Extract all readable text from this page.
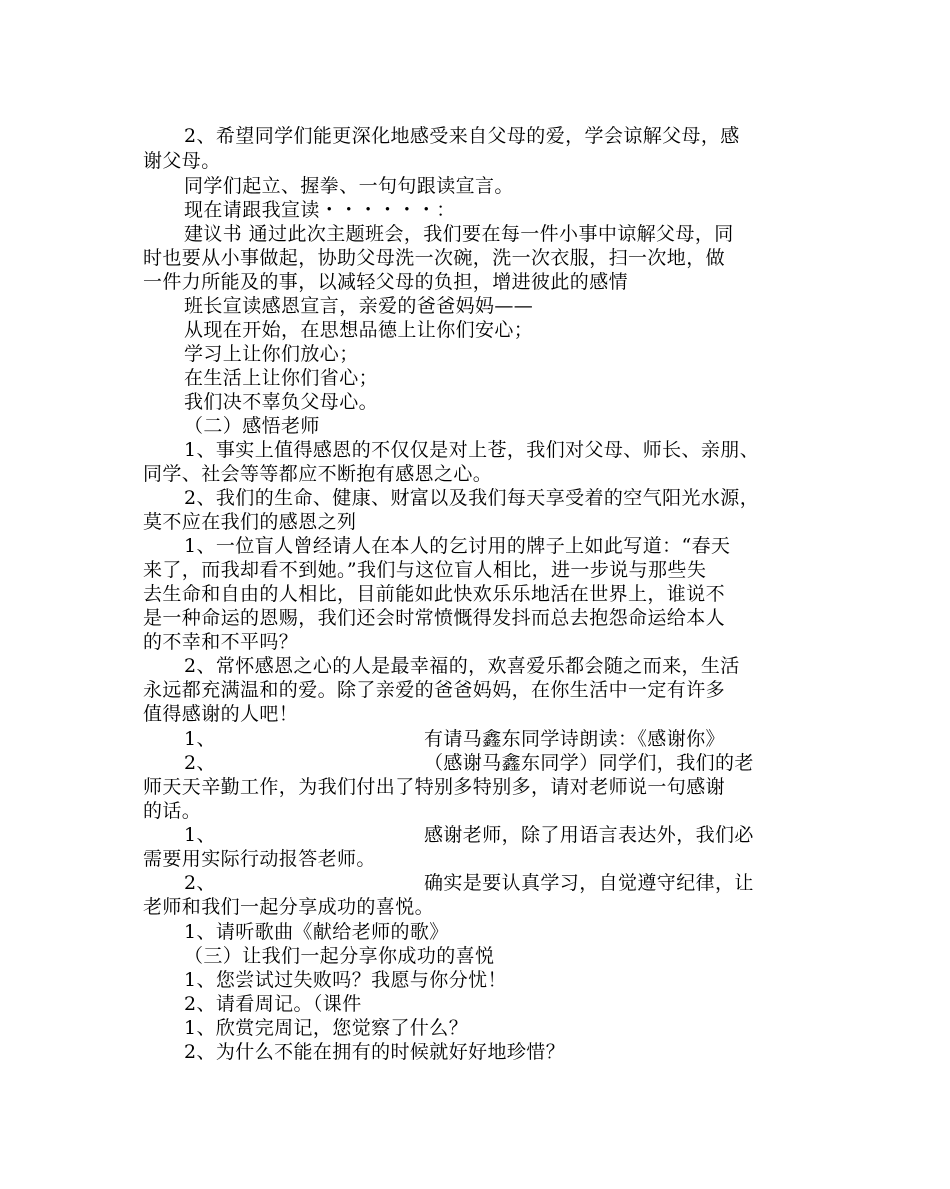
2、希望同学们能更深化地感受来自父母的爱，学会谅解父母，感
谢父母。
同学们起立、握拳、一句句跟读宣言。
现在请跟我宣读・・・・・・：
建议书 通过此次主题班会，我们要在每一件小事中谅解父母，同
时也要从小事做起，协助父母洗一次碗，洗一次衣服，扫一次地，做
一件力所能及的事，以减轻父母的负担，增进彼此的感情
班长宣读感恩宣言，亲爱的爸爸妈妈——
从现在开始，在思想品德上让你们安心；
学习上让你们放心；
在生活上让你们省心；
我们决不辜负父母心。
（二）感悟老师
1、事实上值得感恩的不仅仅是对上苍，我们对父母、师长、亲朋、
同学、社会等等都应不断抱有感恩之心。
2、我们的生命、健康、财富以及我们每天享受着的空气阳光水源，
莫不应在我们的感恩之列
1、一位盲人曾经请人在本人的乞讨用的牌子上如此写道：“春天
来了，而我却看不到她。”我们与这位盲人相比，进一步说与那些失
去生命和自由的人相比，目前能如此快欢乐乐地活在世界上，谁说不
是一种命运的恩赐，我们还会时常愤慨得发抖而总去抱怨命运给本人
的不幸和不平吗？
2、常怀感恩之心的人是最幸福的，欢喜爱乐都会随之而来，生活
永远都充满温和的爱。除了亲爱的爸爸妈妈，在你生活中一定有许多
值得感谢的人吧！
1、	有请马鑫东同学诗朗读：《感谢你》
2、	（感谢马鑫东同学）同学们，我们的老
师天天辛勤工作，为我们付出了特别多特别多，请对老师说一句感谢
的话。
1、	感谢老师，除了用语言表达外，我们必
需要用实际行动报答老师。
2、	确实是要认真学习，自觉遵守纪律，让
老师和我们一起分享成功的喜悦。
1、请听歌曲《献给老师的歌》
（三）让我们一起分享你成功的喜悦
1、您尝试过失败吗？我愿与你分忧！
2、请看周记。（课件
1、欣赏完周记，您觉察了什么？
2、为什么不能在拥有的时候就好好地珍惜？
